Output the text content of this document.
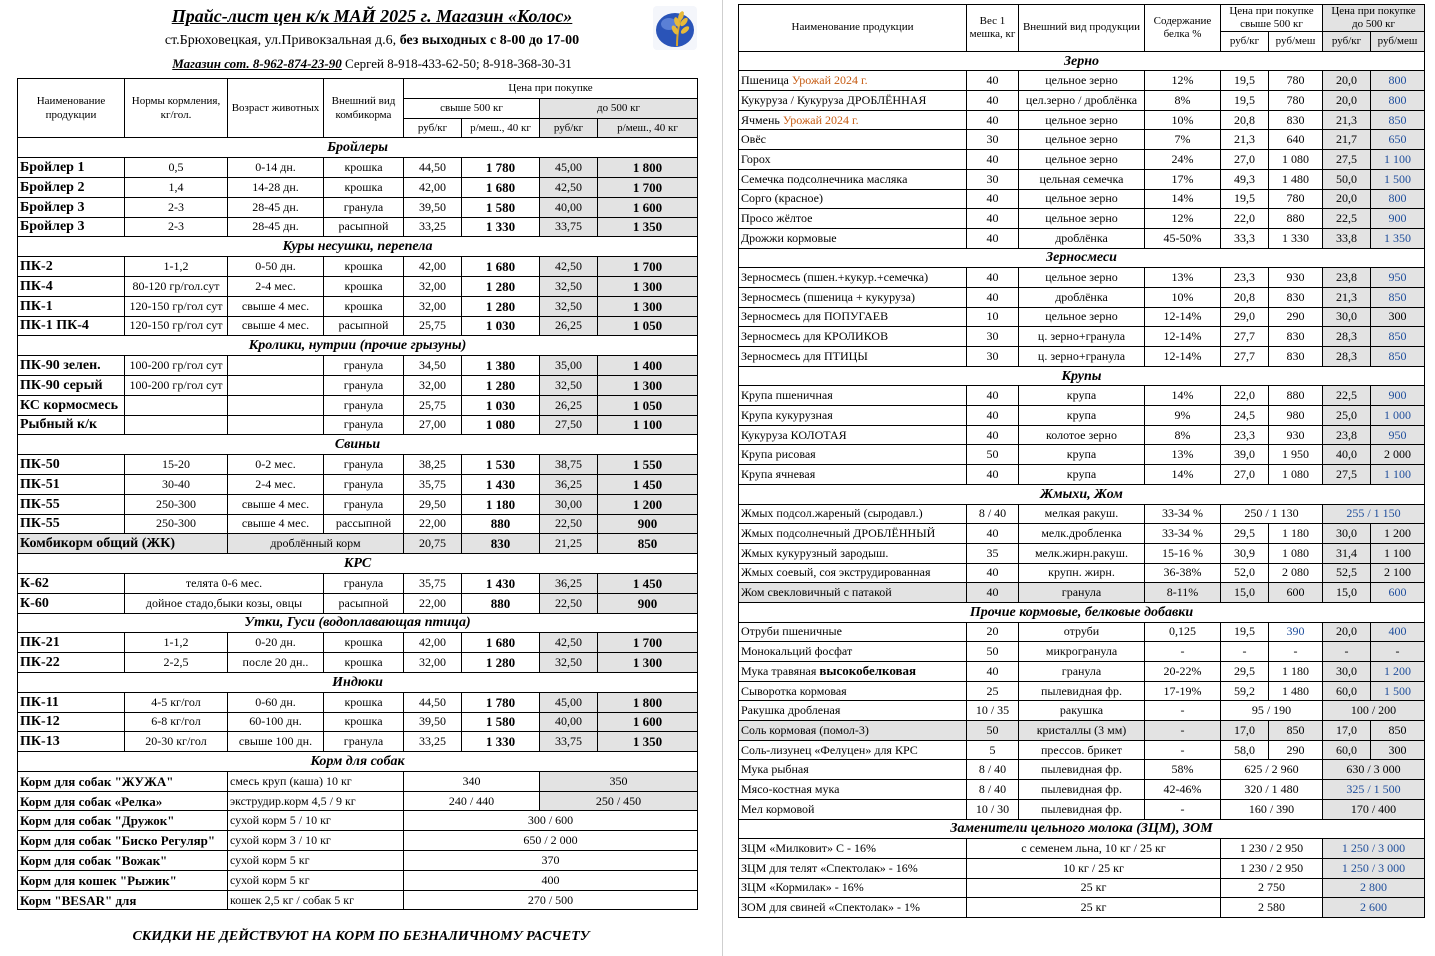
Прайс-лист цен к/к МАЙ 2025 г. Магазин «Колос»
ст.Брюховецкая, ул.Привокзальная д.6, без выходных с 8-00 до 17-00
Магазин сот. 8-962-874-23-90 Сергей 8-918-433-62-50; 8-918-368-30-31
Наименование продукции	Нормы кормления, кг/гол.	Возраст животных	Внешний вид комбикорма	Цена при покупке			
				свыше 500 кг		до 500 кг	
				руб/кг	р/меш., 40 кг	руб/кг	р/меш., 40 кг
Бройлеры							
Бройлер 1	0,5	0-14 дн.	крошка	44,50	1 780	45,00	1 800
Бройлер 2	1,4	14-28 дн.	крошка	42,00	1 680	42,50	1 700
Бройлер 3	2-3	28-45 дн.	гранула	39,50	1 580	40,00	1 600
Бройлер 3	2-3	28-45 дн.	расыпной	33,25	1 330	33,75	1 350
Куры несушки, перепела							
ПК-2	1-1,2	0-50 дн.	крошка	42,00	1 680	42,50	1 700
ПК-4	80-120 гр/гол.сут	2-4 мес.	крошка	32,00	1 280	32,50	1 300
ПК-1	120-150 гр/гол сут	свыше 4 мес.	крошка	32,00	1 280	32,50	1 300
ПК-1 ПК-4	120-150 гр/гол сут	свыше 4 мес.	расыпной	25,75	1 030	26,25	1 050
Кролики, нутрии (прочие грызуны)							
ПК-90 зелен.	100-200 гр/гол сут		гранула	34,50	1 380	35,00	1 400
ПК-90 серый	100-200 гр/гол сут		гранула	32,00	1 280	32,50	1 300
КС кормосмесь			гранула	25,75	1 030	26,25	1 050
Рыбный к/к			гранула	27,00	1 080	27,50	1 100
Свиньи							
ПК-50	15-20	0-2 мес.	гранула	38,25	1 530	38,75	1 550
ПК-51	30-40	2-4 мес.	гранула	35,75	1 430	36,25	1 450
ПК-55	250-300	свыше 4 мес.	гранула	29,50	1 180	30,00	1 200
ПК-55	250-300	свыше 4 мес.	рассыпной	22,00	880	22,50	900
Комбикорм общий (ЖК)		дроблённый корм		20,75	830	21,25	850
КРС							
К-62	телята 0-6 мес.		гранула	35,75	1 430	36,25	1 450
К-60	дойное стадо,быки козы, овцы		расыпной	22,00	880	22,50	900
Утки, Гуси (водоплавающая птица)							
ПК-21	1-1,2	0-20 дн.	крошка	42,00	1 680	42,50	1 700
ПК-22	2-2,5	после 20 дн..	крошка	32,00	1 280	32,50	1 300
Индюки							
ПК-11	4-5 кг/гол	0-60 дн.	крошка	44,50	1 780	45,00	1 800
ПК-12	6-8 кг/гол	60-100 дн.	крошка	39,50	1 580	40,00	1 600
ПК-13	20-30 кг/гол	свыше 100 дн.	гранула	33,25	1 330	33,75	1 350
Корм для собак							
Корм для собак "ЖУЖА"		смесь круп (каша) 10 кг		340		350	
Корм для собак «Релка»		экструдир.корм 4,5 / 9 кг		240 / 440		250 / 450	
Корм для собак "Дружок"		сухой корм 5 / 10 кг		300 / 600			
Корм для собак "Биско Регуляр"		сухой корм 3 / 10 кг		650 / 2 000			
Корм для собак "Вожак"		сухой корм 5 кг		370			
Корм для кошек "Рыжик"		сухой корм 5 кг		400			
Корм "BESAR" для		кошек 2,5 кг / собак 5 кг		270 / 500			
СКИДКИ НЕ ДЕЙСТВУЮТ НА КОРМ ПО БЕЗНАЛИЧНОМУ РАСЧЕТУ
Наименование продукции	Вес 1 мешка, кг	Внешний вид продукции	Содержание белка %	Цена при покупке свыше 500 кг		Цена при покупке до 500 кг	
				руб/кг	руб/меш	руб/кг	руб/меш
Зерно							
Пшеница Урожай 2024 г.	40	цельное зерно	12%	19,5	780	20,0	800
Кукуруза / Кукуруза ДРОБЛЁННАЯ	40	цел.зерно / дроблёнка	8%	19,5	780	20,0	800
Ячмень Урожай 2024 г.	40	цельное зерно	10%	20,8	830	21,3	850
Овёс	30	цельное зерно	7%	21,3	640	21,7	650
Горох	40	цельное зерно	24%	27,0	1 080	27,5	1 100
Семечка подсолнечника масляка	30	цельная семечка	17%	49,3	1 480	50,0	1 500
Сорго (красное)	40	цельное зерно	14%	19,5	780	20,0	800
Просо жёлтое	40	цельное зерно	12%	22,0	880	22,5	900
Дрожжи кормовые	40	дроблёнка	45-50%	33,3	1 330	33,8	1 350
Зерносмеси							
Зерносмесь (пшен.+кукур.+семечка)	40	цельное зерно	13%	23,3	930	23,8	950
Зерносмесь (пшеница + кукуруза)	40	дроблёнка	10%	20,8	830	21,3	850
Зерносмесь для ПОПУГАЕВ	10	цельное зерно	12-14%	29,0	290	30,0	300
Зерносмесь для КРОЛИКОВ	30	ц. зерно+гранула	12-14%	27,7	830	28,3	850
Зерносмесь для ПТИЦЫ	30	ц. зерно+гранула	12-14%	27,7	830	28,3	850
Крупы							
Крупа пшеничная	40	крупа	14%	22,0	880	22,5	900
Крупа кукурузная	40	крупа	9%	24,5	980	25,0	1 000
Кукуруза КОЛОТАЯ	40	колотое зерно	8%	23,3	930	23,8	950
Крупа рисовая	50	крупа	13%	39,0	1 950	40,0	2 000
Крупа ячневая	40	крупа	14%	27,0	1 080	27,5	1 100
Жмыхи, Жом							
Жмых подсол.жареный (сыродавл.)	8 / 40	мелкая ракуш.	33-34 %	250 / 1 130		255 / 1 150	
Жмых подсолнечный ДРОБЛЁННЫЙ	40	мелк.дробленка	33-34 %	29,5	1 180	30,0	1 200
Жмых кукурузный зародыш.	35	мелк.жирн.ракуш.	15-16 %	30,9	1 080	31,4	1 100
Жмых соевый, соя экструдированная	40	крупн. жирн.	36-38%	52,0	2 080	52,5	2 100
Жом свекловичный с патакой	40	гранула	8-11%	15,0	600	15,0	600
Прочие кормовые, белковые добавки							
Отруби пшеничные	20	отруби	0,125	19,5	390	20,0	400
Монокальций фосфат	50	микрогранула	-	-	-	-	-
Мука травяная высокобелковая	40	гранула	20-22%	29,5	1 180	30,0	1 200
Сыворотка кормовая	25	пылевидная фр.	17-19%	59,2	1 480	60,0	1 500
Ракушка дробленая	10 / 35	ракушка	-	95 / 190		100 / 200	
Соль кормовая (помол-3)	50	кристаллы (3 мм)	-	17,0	850	17,0	850
Соль-лизунец «Фелуцен» для КРС	5	прессов. брикет	-	58,0	290	60,0	300
Мука рыбная	8 / 40	пылевидная фр.	58%	625 / 2 960		630 / 3 000	
Мясо-костная мука	8 / 40	пылевидная фр.	42-46%	320 / 1 480		325 / 1 500	
Мел кормовой	10 / 30	пылевидная фр.	-	160 / 390		170 / 400	
Заменители цельного молока (ЗЦМ), ЗОМ							
ЗЦМ «Милковит» С - 16%	с семенем льна, 10 кг / 25 кг			1 230 / 2 950		1 250 / 3 000	
ЗЦМ для телят «Спектолак» - 16%	10 кг / 25 кг			1 230 / 2 950		1 250 / 3 000	
ЗЦМ «Кормилак» - 16%	25 кг			2 750		2 800	
ЗОМ для свиней «Спектолак» - 1%	25 кг			2 580		2 600	
